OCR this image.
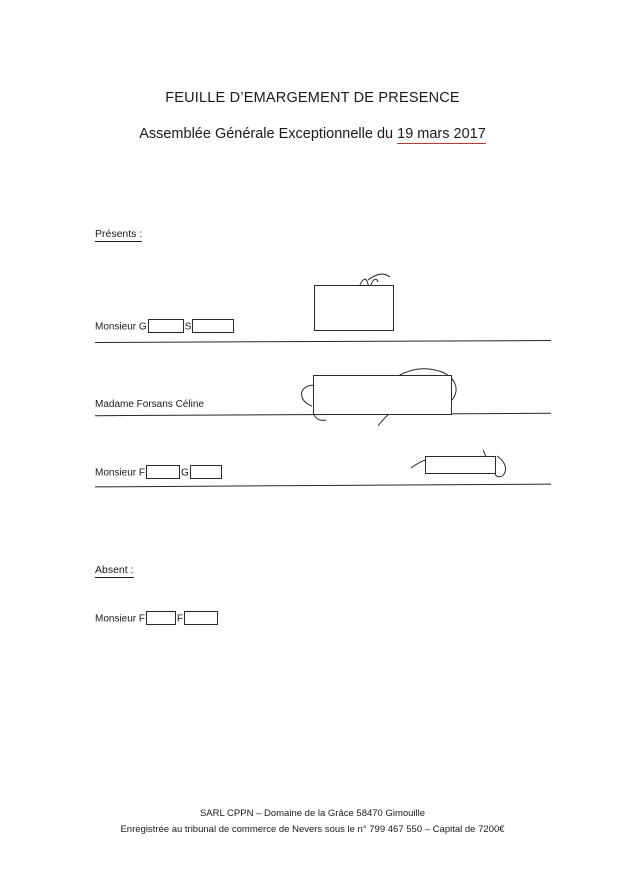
FEUILLE D’EMARGEMENT DE PRESENCE
Assemblée Générale Exceptionnelle du 19 mars 2017
Présents :
Monsieur G	S
Madame Forsans Céline
Monsieur F	G
Absent :
Monsieur F	F
SARL CPPN – Domaine de la Grâce 58470 Gimouille
Enregistrée au tribunal de commerce de Nevers sous le n° 799 467 550 – Capital de 7200€
